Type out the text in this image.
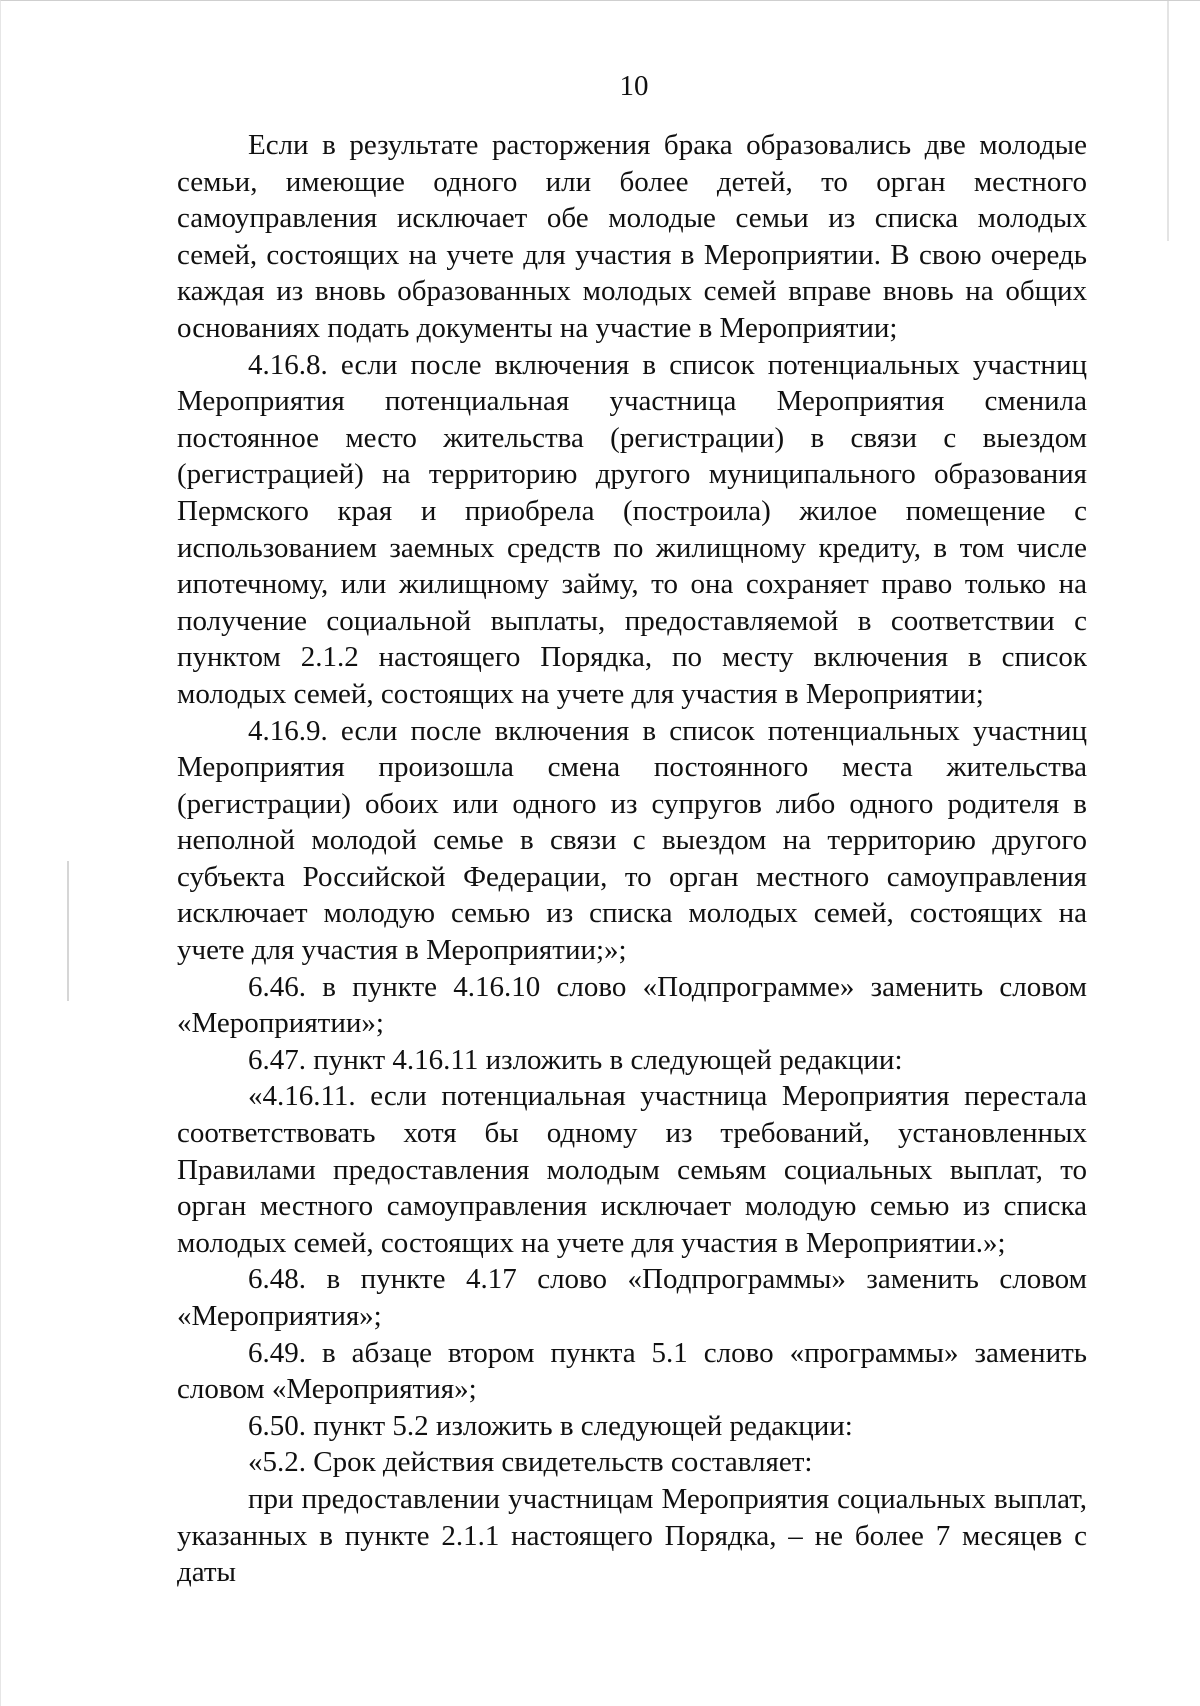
10

Если в результате расторжения брака образовались две молодые семьи, имеющие одного или более детей, то орган местного самоуправления исключает обе молодые семьи из списка молодых семей, состоящих на учете для участия в Мероприятии. В свою очередь каждая из вновь образованных молодых семей вправе вновь на общих основаниях подать документы на участие в Мероприятии;

4.16.8. если после включения в список потенциальных участниц Мероприятия потенциальная участница Мероприятия сменила постоянное место жительства (регистрации) в связи с выездом (регистрацией) на территорию другого муниципального образования Пермского края и приобрела (построила) жилое помещение с использованием заемных средств по жилищному кредиту, в том числе ипотечному, или жилищному займу, то она сохраняет право только на получение социальной выплаты, предоставляемой в соответствии с пунктом 2.1.2 настоящего Порядка, по месту включения в список молодых семей, состоящих на учете для участия в Мероприятии;

4.16.9. если после включения в список потенциальных участниц Мероприятия произошла смена постоянного места жительства (регистрации) обоих или одного из супругов либо одного родителя в неполной молодой семье в связи с выездом на территорию другого субъекта Российской Федерации, то орган местного самоуправления исключает молодую семью из списка молодых семей, состоящих на учете для участия в Мероприятии;»;

6.46. в пункте 4.16.10 слово «Подпрограмме» заменить словом «Мероприятии»;

6.47. пункт 4.16.11 изложить в следующей редакции:

«4.16.11. если потенциальная участница Мероприятия перестала соответствовать хотя бы одному из требований, установленных Правилами предоставления молодым семьям социальных выплат, то орган местного самоуправления исключает молодую семью из списка молодых семей, состоящих на учете для участия в Мероприятии.»;

6.48. в пункте 4.17 слово «Подпрограммы» заменить словом «Мероприятия»;

6.49. в абзаце втором пункта 5.1 слово «программы» заменить словом «Мероприятия»;

6.50. пункт 5.2 изложить в следующей редакции:

«5.2. Срок действия свидетельств составляет:

при предоставлении участницам Мероприятия социальных выплат, указанных в пункте 2.1.1 настоящего Порядка, – не более 7 месяцев с даты
